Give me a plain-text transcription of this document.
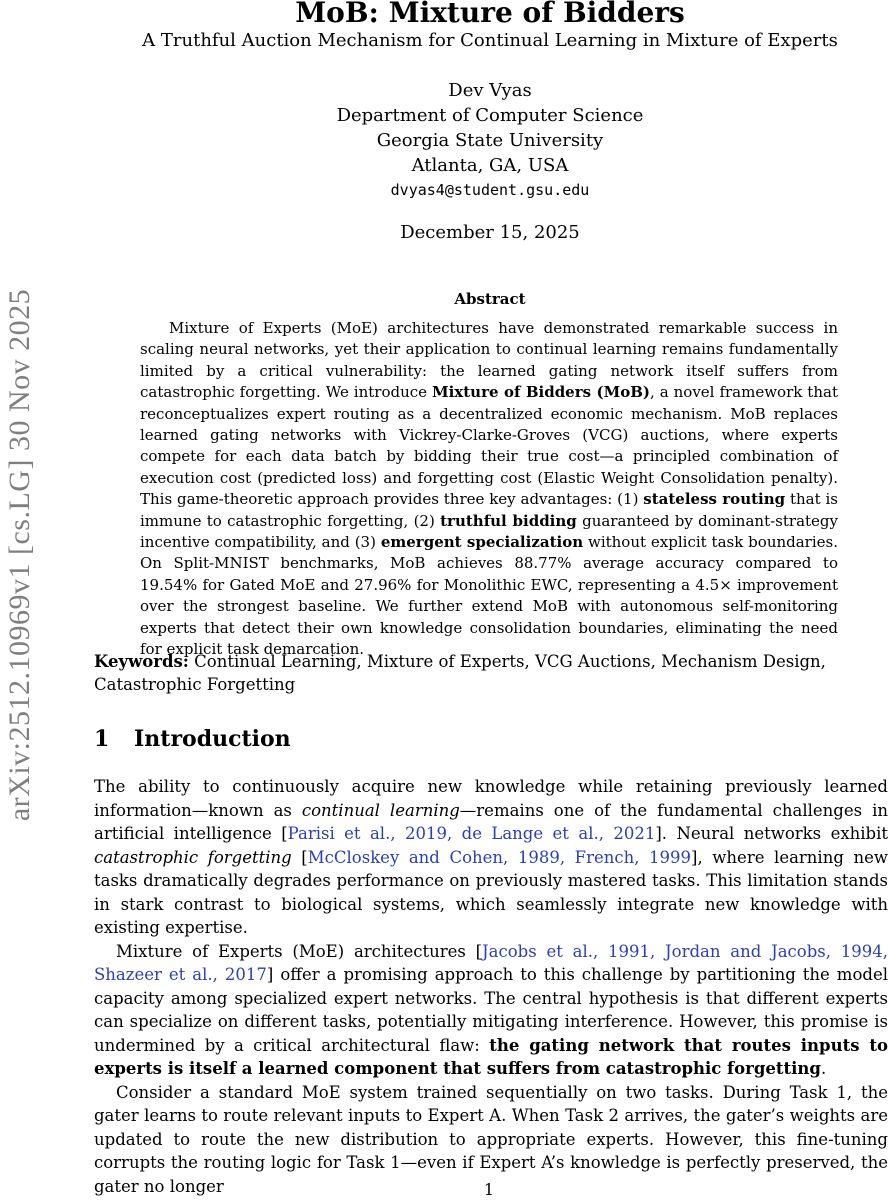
arXiv:2512.10969v1 [cs.LG] 30 Nov 2025
MoB: Mixture of Bidders
A Truthful Auction Mechanism for Continual Learning in Mixture of Experts
Dev Vyas
Department of Computer Science
Georgia State University
Atlanta, GA, USA
dvyas4@student.gsu.edu
December 15, 2025
Abstract

Mixture of Experts (MoE) architectures have demonstrated remarkable success in scaling neural networks, yet their application to continual learning remains fundamentally limited by a critical vulnerability: the learned gating network itself suffers from catastrophic forgetting. We introduce Mixture of Bidders (MoB), a novel framework that reconceptualizes expert routing as a decentralized economic mechanism. MoB replaces learned gating networks with Vickrey-Clarke-Groves (VCG) auctions, where experts compete for each data batch by bidding their true cost—a principled combination of execution cost (predicted loss) and forgetting cost (Elastic Weight Consolidation penalty). This game-theoretic approach provides three key advantages: (1) stateless routing that is immune to catastrophic forgetting, (2) truthful bidding guaranteed by dominant-strategy incentive compatibility, and (3) emergent specialization without explicit task boundaries. On Split-MNIST benchmarks, MoB achieves 88.77% average accuracy compared to 19.54% for Gated MoE and 27.96% for Monolithic EWC, representing a 4.5× improvement over the strongest baseline. We further extend MoB with autonomous self-monitoring experts that detect their own knowledge consolidation boundaries, eliminating the need for explicit task demarcation.

Keywords: Continual Learning, Mixture of Experts, VCG Auctions, Mechanism Design, Catastrophic Forgetting
1 Introduction

The ability to continuously acquire new knowledge while retaining previously learned information—known as continual learning—remains one of the fundamental challenges in artificial intelligence [Parisi et al., 2019, de Lange et al., 2021]. Neural networks exhibit catastrophic forgetting [McCloskey and Cohen, 1989, French, 1999], where learning new tasks dramatically degrades performance on previously mastered tasks. This limitation stands in stark contrast to biological systems, which seamlessly integrate new knowledge with existing expertise.

Mixture of Experts (MoE) architectures [Jacobs et al., 1991, Jordan and Jacobs, 1994, Shazeer et al., 2017] offer a promising approach to this challenge by partitioning the model capacity among specialized expert networks. The central hypothesis is that different experts can specialize on different tasks, potentially mitigating interference. However, this promise is undermined by a critical architectural flaw: the gating network that routes inputs to experts is itself a learned component that suffers from catastrophic forgetting.

Consider a standard MoE system trained sequentially on two tasks. During Task 1, the gater learns to route relevant inputs to Expert A. When Task 2 arrives, the gater’s weights are updated to route the new distribution to appropriate experts. However, this fine-tuning corrupts the routing logic for Task 1—even if Expert A’s knowledge is perfectly preserved, the gater no longer	1
